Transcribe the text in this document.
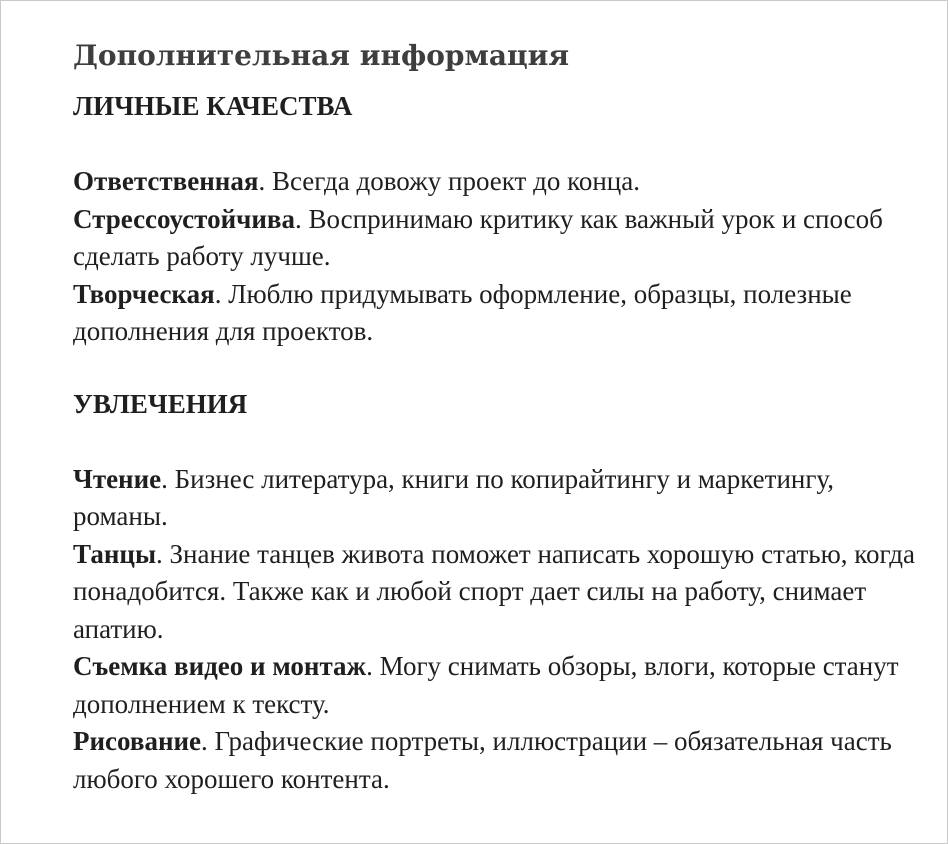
Дополнительная информация
ЛИЧНЫЕ КАЧЕСТВА

Ответственная. Всегда довожу проект до конца.

Стрессоустойчива. Воспринимаю критику как важный урок и способ сделать работу лучше.

Творческая. Люблю придумывать оформление, образцы, полезные дополнения для проектов.

УВЛЕЧЕНИЯ

Чтение. Бизнес литература, книги по копирайтингу и маркетингу, романы.

Танцы. Знание танцев живота поможет написать хорошую статью, когда понадобится. Также как и любой спорт дает силы на работу, снимает апатию.

Съемка видео и монтаж. Могу снимать обзоры, влоги, которые станут дополнением к тексту.

Рисование. Графические портреты, иллюстрации – обязательная часть любого хорошего контента.
